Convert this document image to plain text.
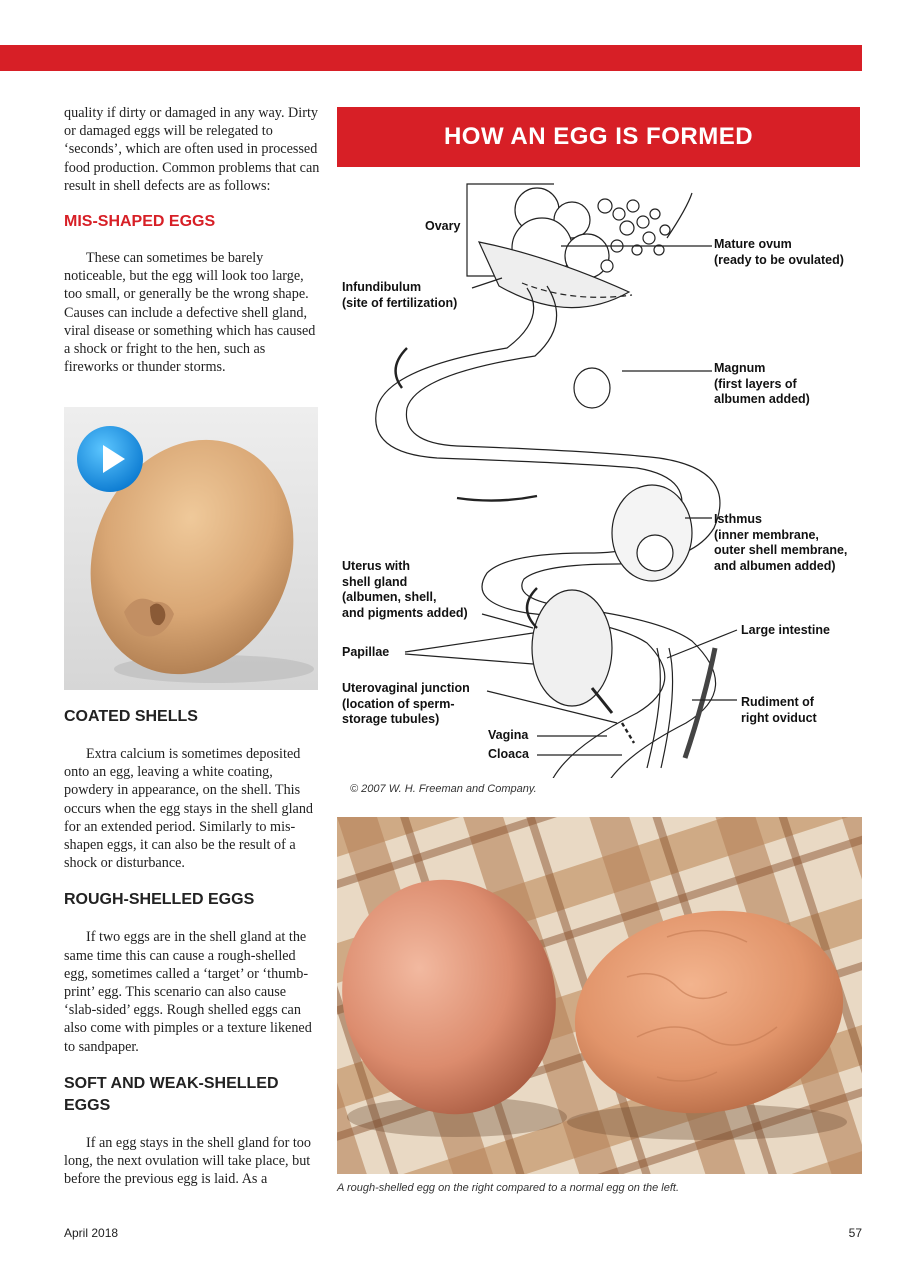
quality if dirty or damaged in any way. Dirty or damaged eggs will be relegated to ‘seconds’, which are often used in processed food production. Common problems that can result in shell defects are as follows:

MIS-SHAPED EGGS

These can sometimes be barely noticeable, but the egg will look too large, too small, or generally be the wrong shape. Causes can include a defective shell gland, viral disease or something which has caused a shock or fright to the hen, such as fireworks or thunder storms.

COATED SHELLS

Extra calcium is sometimes deposited onto an egg, leaving a white coating, powdery in appearance, on the shell. This occurs when the egg stays in the shell gland for an extended period. Similarly to mis-shapen eggs, it can also be the result of a shock or disturbance.

ROUGH-SHELLED EGGS

If two eggs are in the shell gland at the same time this can cause a rough-shelled egg, sometimes called a ‘target’ or ‘thumb-print’ egg. This scenario can also cause ‘slab-sided’ eggs. Rough shelled eggs can also come with pimples or a texture likened to sandpaper.

SOFT AND WEAK-SHELLED EGGS

If an egg stays in the shell gland for too long, the next ovulation will take place, but before the previous egg is laid. As a

HOW AN EGG IS FORMED
Ovary
Mature ovum
(ready to be ovulated)
Infundibulum
(site of fertilization)
Magnum
(first layers of
albumen added)
Isthmus
(inner membrane,
outer shell membrane,
and albumen added)
Uterus with
shell gland
(albumen, shell,
and pigments added)
Large intestine
Papillae
Uterovaginal junction
(location of sperm-
storage tubules)
Rudiment of
right oviduct
Vagina
Cloaca
© 2007 W. H. Freeman and Company.
A rough-shelled egg on the right compared to a normal egg on the left.
April 2018	57
